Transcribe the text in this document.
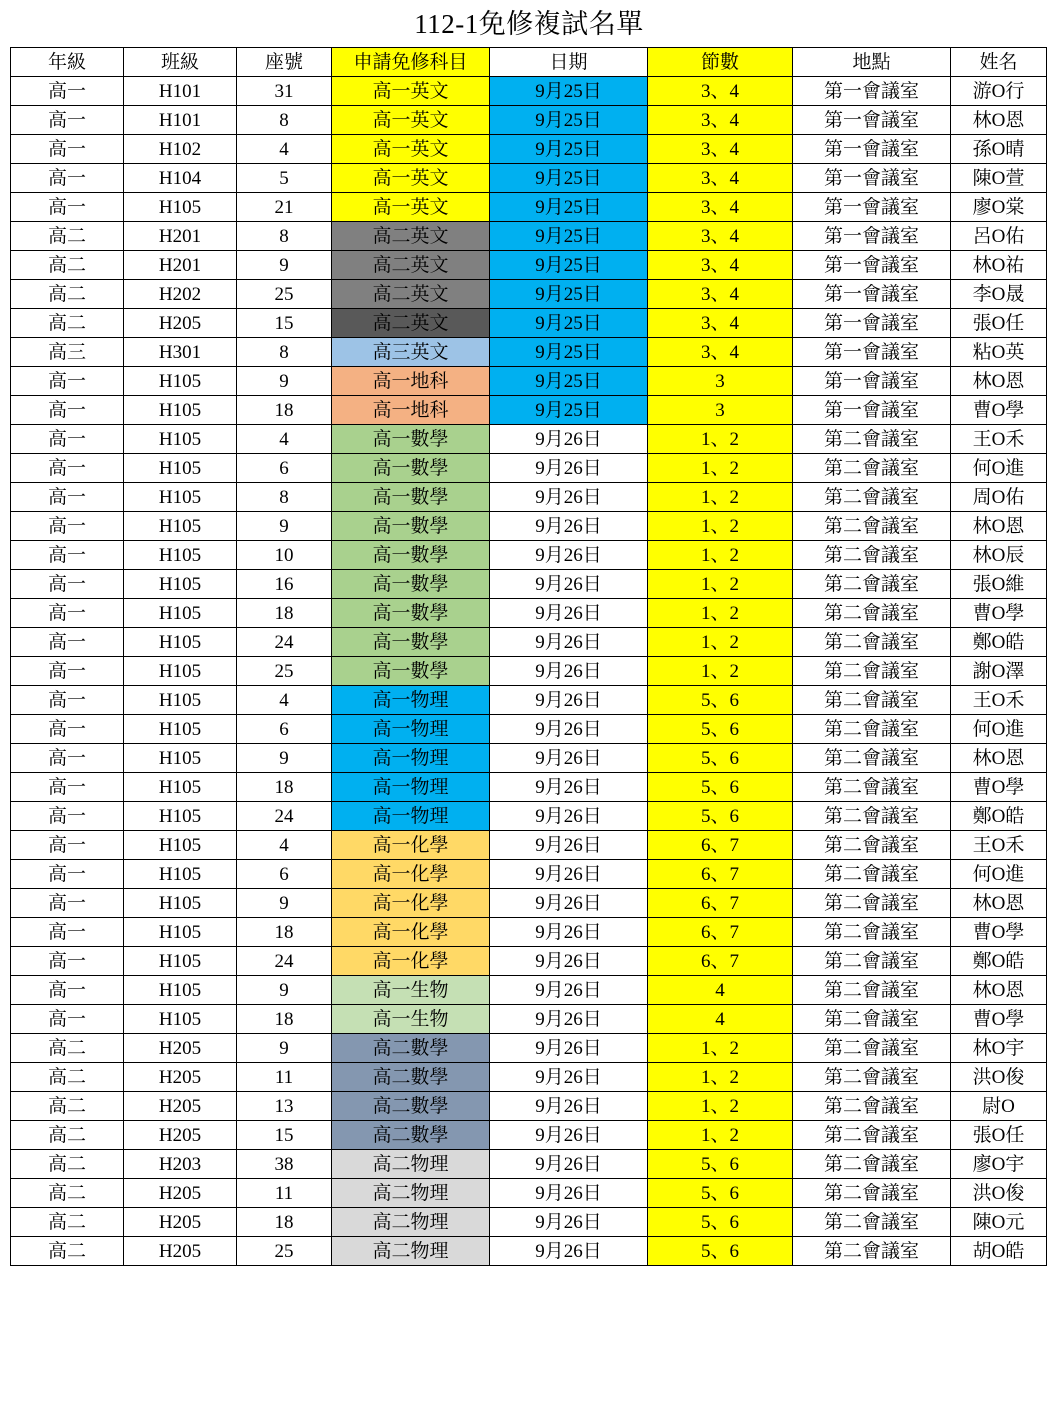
112-1免修複試名單
年級	班級	座號	申請免修科目	日期	節數	地點	姓名
高一	H101	31	高一英文	9月25日	3、4	第一會議室	游O行
高一	H101	8	高一英文	9月25日	3、4	第一會議室	林O恩
高一	H102	4	高一英文	9月25日	3、4	第一會議室	孫O晴
高一	H104	5	高一英文	9月25日	3、4	第一會議室	陳O萱
高一	H105	21	高一英文	9月25日	3、4	第一會議室	廖O棠
高二	H201	8	高二英文	9月25日	3、4	第一會議室	呂O佑
高二	H201	9	高二英文	9月25日	3、4	第一會議室	林O祐
高二	H202	25	高二英文	9月25日	3、4	第一會議室	李O晟
高二	H205	15	高二英文	9月25日	3、4	第一會議室	張O任
高三	H301	8	高三英文	9月25日	3、4	第一會議室	粘O英
高一	H105	9	高一地科	9月25日	3	第一會議室	林O恩
高一	H105	18	高一地科	9月25日	3	第一會議室	曹O學
高一	H105	4	高一數學	9月26日	1、2	第二會議室	王O禾
高一	H105	6	高一數學	9月26日	1、2	第二會議室	何O進
高一	H105	8	高一數學	9月26日	1、2	第二會議室	周O佑
高一	H105	9	高一數學	9月26日	1、2	第二會議室	林O恩
高一	H105	10	高一數學	9月26日	1、2	第二會議室	林O辰
高一	H105	16	高一數學	9月26日	1、2	第二會議室	張O維
高一	H105	18	高一數學	9月26日	1、2	第二會議室	曹O學
高一	H105	24	高一數學	9月26日	1、2	第二會議室	鄭O皓
高一	H105	25	高一數學	9月26日	1、2	第二會議室	謝O澤
高一	H105	4	高一物理	9月26日	5、6	第二會議室	王O禾
高一	H105	6	高一物理	9月26日	5、6	第二會議室	何O進
高一	H105	9	高一物理	9月26日	5、6	第二會議室	林O恩
高一	H105	18	高一物理	9月26日	5、6	第二會議室	曹O學
高一	H105	24	高一物理	9月26日	5、6	第二會議室	鄭O皓
高一	H105	4	高一化學	9月26日	6、7	第二會議室	王O禾
高一	H105	6	高一化學	9月26日	6、7	第二會議室	何O進
高一	H105	9	高一化學	9月26日	6、7	第二會議室	林O恩
高一	H105	18	高一化學	9月26日	6、7	第二會議室	曹O學
高一	H105	24	高一化學	9月26日	6、7	第二會議室	鄭O皓
高一	H105	9	高一生物	9月26日	4	第二會議室	林O恩
高一	H105	18	高一生物	9月26日	4	第二會議室	曹O學
高二	H205	9	高二數學	9月26日	1、2	第二會議室	林O宇
高二	H205	11	高二數學	9月26日	1、2	第二會議室	洪O俊
高二	H205	13	高二數學	9月26日	1、2	第二會議室	尉O
高二	H205	15	高二數學	9月26日	1、2	第二會議室	張O任
高二	H203	38	高二物理	9月26日	5、6	第二會議室	廖O宇
高二	H205	11	高二物理	9月26日	5、6	第二會議室	洪O俊
高二	H205	18	高二物理	9月26日	5、6	第二會議室	陳O元
高二	H205	25	高二物理	9月26日	5、6	第二會議室	胡O皓
